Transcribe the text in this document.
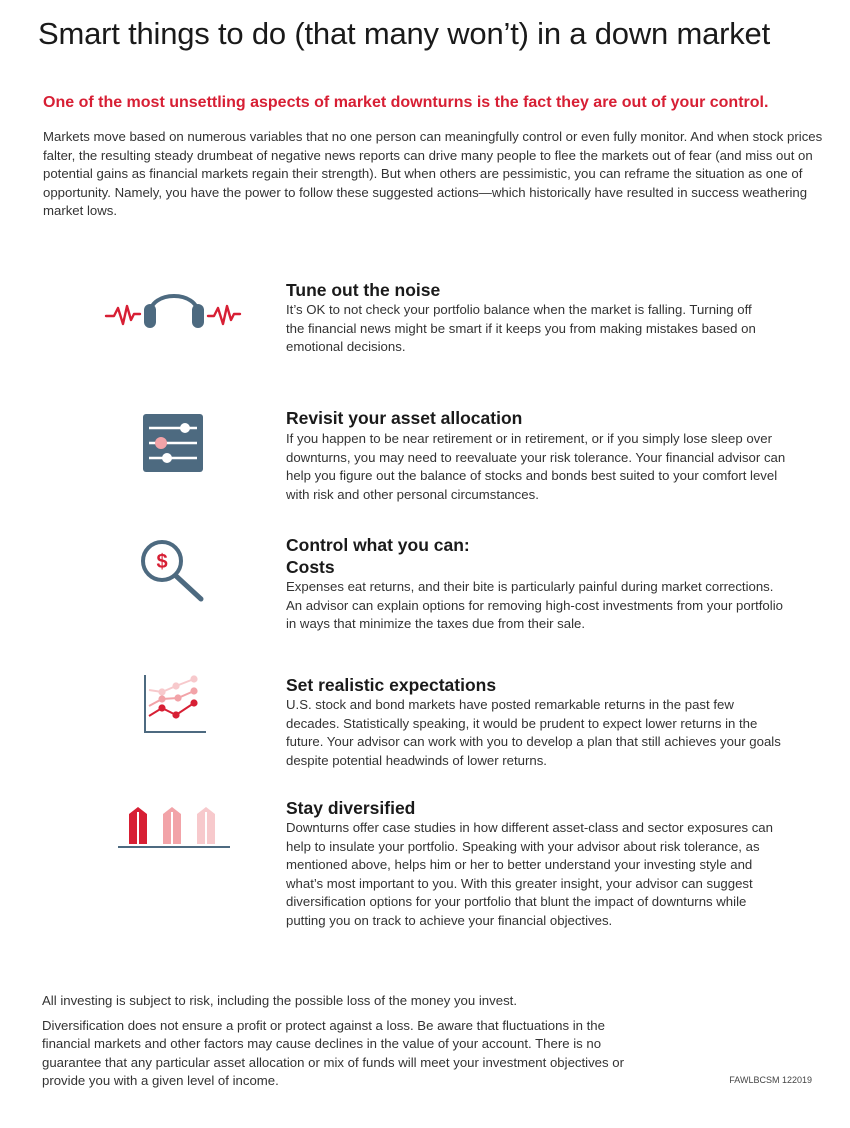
Smart things to do (that many won’t) in a down market
One of the most unsettling aspects of market downturns is the fact they are out of your control.
Markets move based on numerous variables that no one person can meaningfully control or even fully monitor. And when stock prices falter, the resulting steady drumbeat of negative news reports can drive many people to flee the markets out of fear (and miss out on potential gains as financial markets regain their strength). But when others are pessimistic, you can reframe the situation as one of opportunity. Namely, you have the power to follow these suggested actions—which historically have resulted in success weathering market lows.
Tune out the noise
It’s OK to not check your portfolio balance when the market is falling. Turning off the financial news might be smart if it keeps you from making mistakes based on emotional decisions.
Revisit your asset allocation
If you happen to be near retirement or in retirement, or if you simply lose sleep over downturns, you may need to reevaluate your risk tolerance. Your financial advisor can help you figure out the balance of stocks and bonds best suited to your comfort level with risk and other personal circumstances.
$
Control what you can:
Costs
Expenses eat returns, and their bite is particularly painful during market corrections. An advisor can explain options for removing high-cost investments from your portfolio in ways that minimize the taxes due from their sale.
Set realistic expectations
U.S. stock and bond markets have posted remarkable returns in the past few decades. Statistically speaking, it would be prudent to expect lower returns in the future. Your advisor can work with you to develop a plan that still achieves your goals despite potential headwinds of lower returns.
Stay diversified
Downturns offer case studies in how different asset-class and sector exposures can help to insulate your portfolio. Speaking with your advisor about risk tolerance, as mentioned above, helps him or her to better understand your investing style and what’s most important to you. With this greater insight, your advisor can suggest diversification options for your portfolio that blunt the impact of downturns while putting you on track to achieve your financial objectives.
All investing is subject to risk, including the possible loss of the money you invest.
Diversification does not ensure a profit or protect against a loss. Be aware that fluctuations in the financial markets and other factors may cause declines in the value of your account. There is no guarantee that any particular asset allocation or mix of funds will meet your investment objectives or provide you with a given level of income.	FAWLBCSM 122019
